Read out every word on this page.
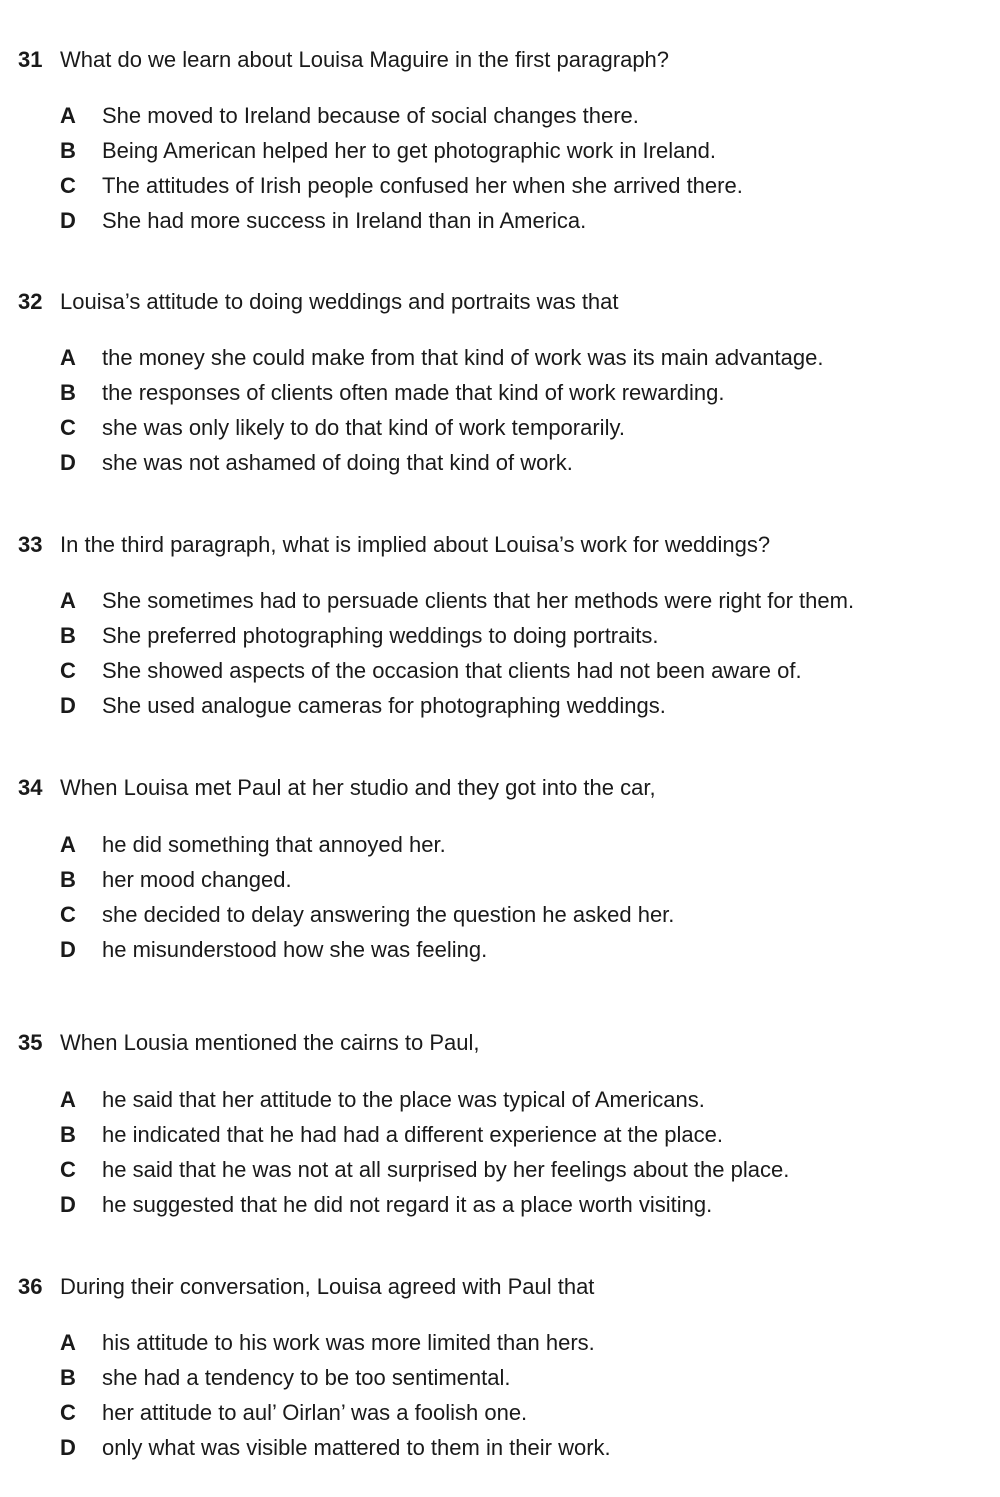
31 What do we learn about Louisa Maguire in the first paragraph?
A She moved to Ireland because of social changes there.
B Being American helped her to get photographic work in Ireland.
C The attitudes of Irish people confused her when she arrived there.
D She had more success in Ireland than in America.
32 Louisa’s attitude to doing weddings and portraits was that
A the money she could make from that kind of work was its main advantage.
B the responses of clients often made that kind of work rewarding.
C she was only likely to do that kind of work temporarily.
D she was not ashamed of doing that kind of work.
33 In the third paragraph, what is implied about Louisa’s work for weddings?
A She sometimes had to persuade clients that her methods were right for them.
B She preferred photographing weddings to doing portraits.
C She showed aspects of the occasion that clients had not been aware of.
D She used analogue cameras for photographing weddings.
34 When Louisa met Paul at her studio and they got into the car,
A he did something that annoyed her.
B her mood changed.
C she decided to delay answering the question he asked her.
D he misunderstood how she was feeling.
35 When Lousia mentioned the cairns to Paul,
A he said that her attitude to the place was typical of Americans.
B he indicated that he had had a different experience at the place.
C he said that he was not at all surprised by her feelings about the place.
D he suggested that he did not regard it as a place worth visiting.
36 During their conversation, Louisa agreed with Paul that
A his attitude to his work was more limited than hers.
B she had a tendency to be too sentimental.
C her attitude to aul’ Oirlan’ was a foolish one.
D only what was visible mattered to them in their work.
